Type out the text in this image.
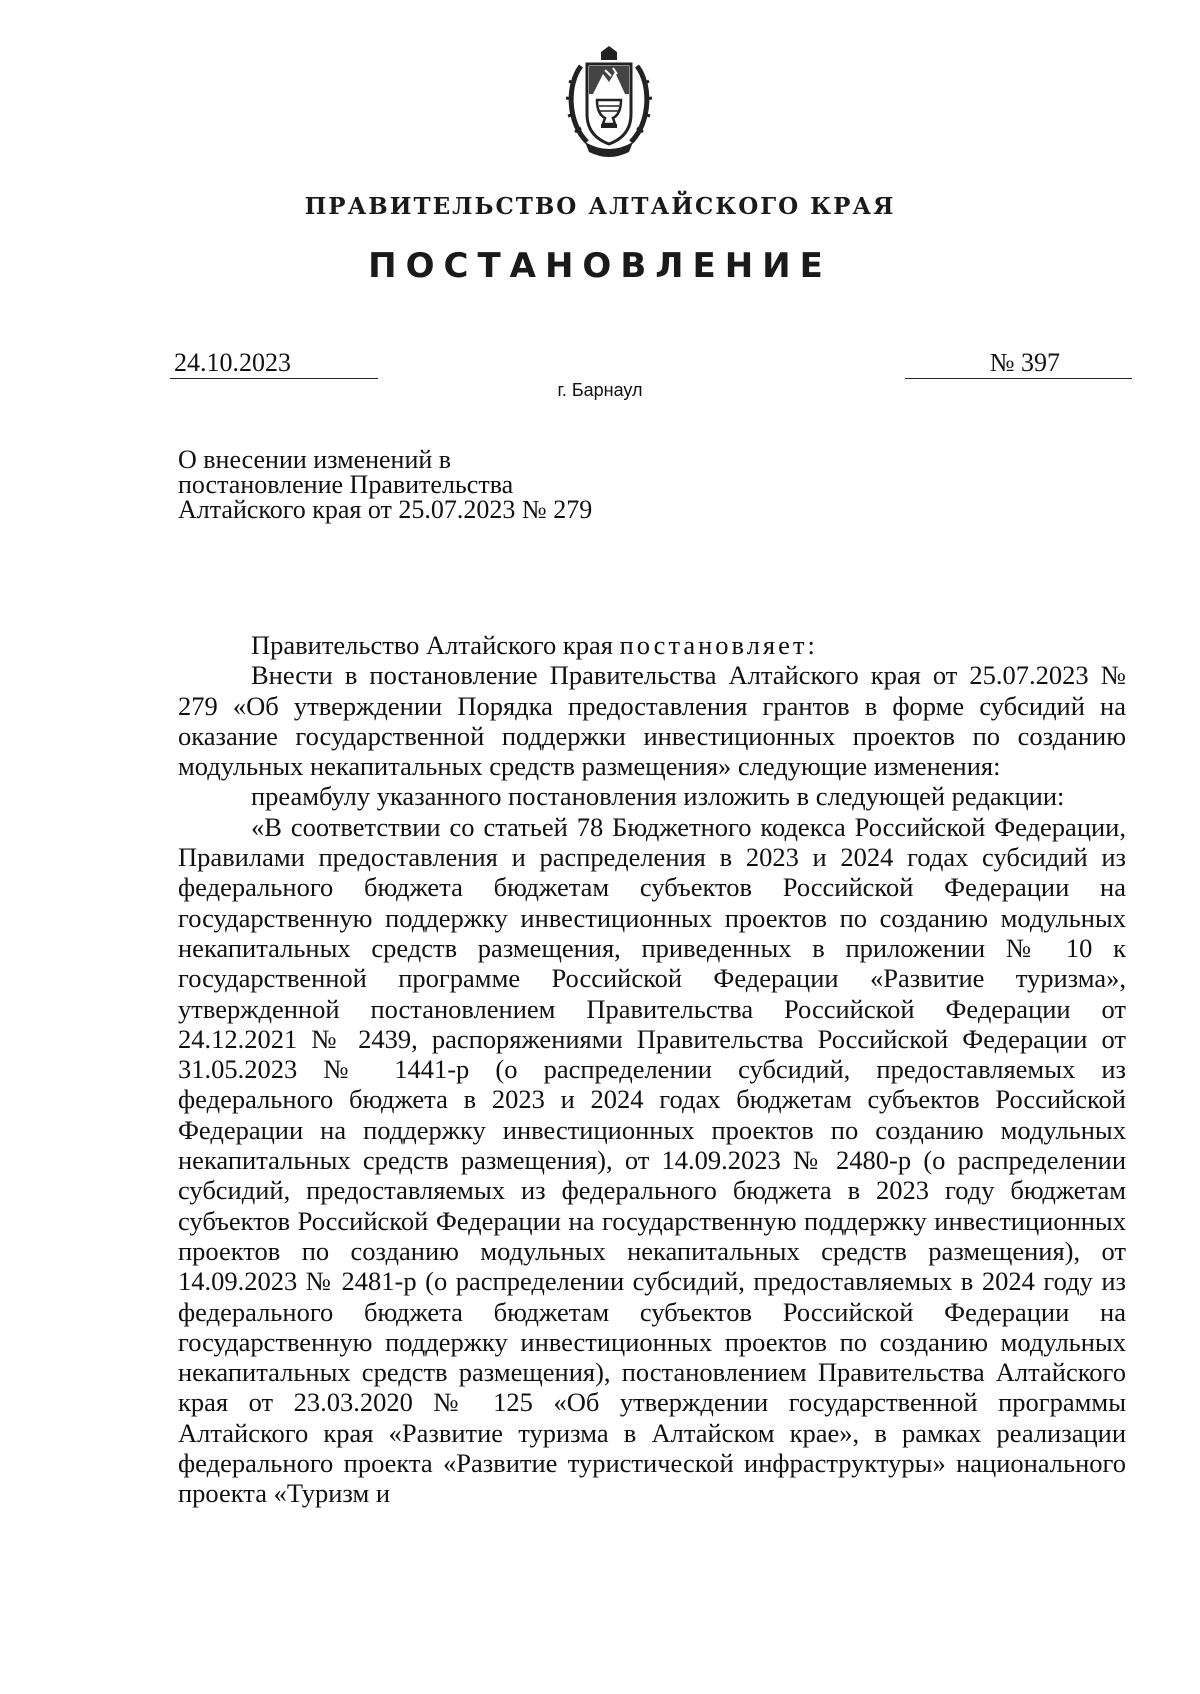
ПРАВИТЕЛЬСТВО АЛТАЙСКОГО КРАЯ
ПОСТАНОВЛЕНИЕ
24.10.2023	№ 397
г. Барнаул
О внесении изменений в
постановление Правительства
Алтайского края от 25.07.2023 № 279

Правительство Алтайского края постановляет:

Внести в постановление Правительства Алтайского края от 25.07.2023 № 279 «Об утверждении Порядка предоставления грантов в форме субсидий на оказание государственной поддержки инвестиционных проектов по созданию модульных некапитальных средств размещения» следующие изменения:

преамбулу указанного постановления изложить в следующей редакции:

«В соответствии со статьей 78 Бюджетного кодекса Российской Федерации, Правилами предоставления и распределения в 2023 и 2024 годах субсидий из федерального бюджета бюджетам субъектов Российской Федерации на государственную поддержку инвестиционных проектов по созданию модульных некапитальных средств размещения, приведенных в приложении № 10 к государственной программе Российской Федерации «Развитие туризма», утвержденной постановлением Правительства Российской Федерации от 24.12.2021 № 2439, распоряжениями Правительства Российской Федерации от 31.05.2023 № 1441-р (о распределении субсидий, предоставляемых из федерального бюджета в 2023 и 2024 годах бюджетам субъектов Российской Федерации на поддержку инвестиционных проектов по созданию модульных некапитальных средств размещения), от 14.09.2023 № 2480-р (о распределении субсидий, предоставляемых из федерального бюджета в 2023 году бюджетам субъектов Российской Федерации на государственную поддержку инвестиционных проектов по созданию модульных некапитальных средств размещения), от 14.09.2023 № 2481-р (о распределении субсидий, предоставляемых в 2024 году из федерального бюджета бюджетам субъектов Российской Федерации на государственную поддержку инвестиционных проектов по созданию модульных некапитальных средств размещения), постановлением Правительства Алтайского края от 23.03.2020 № 125 «Об утверждении государственной программы Алтайского края «Развитие туризма в Алтайском крае», в рамках реализации федерального проекта «Развитие туристической инфраструктуры» национального проекта «Туризм и
